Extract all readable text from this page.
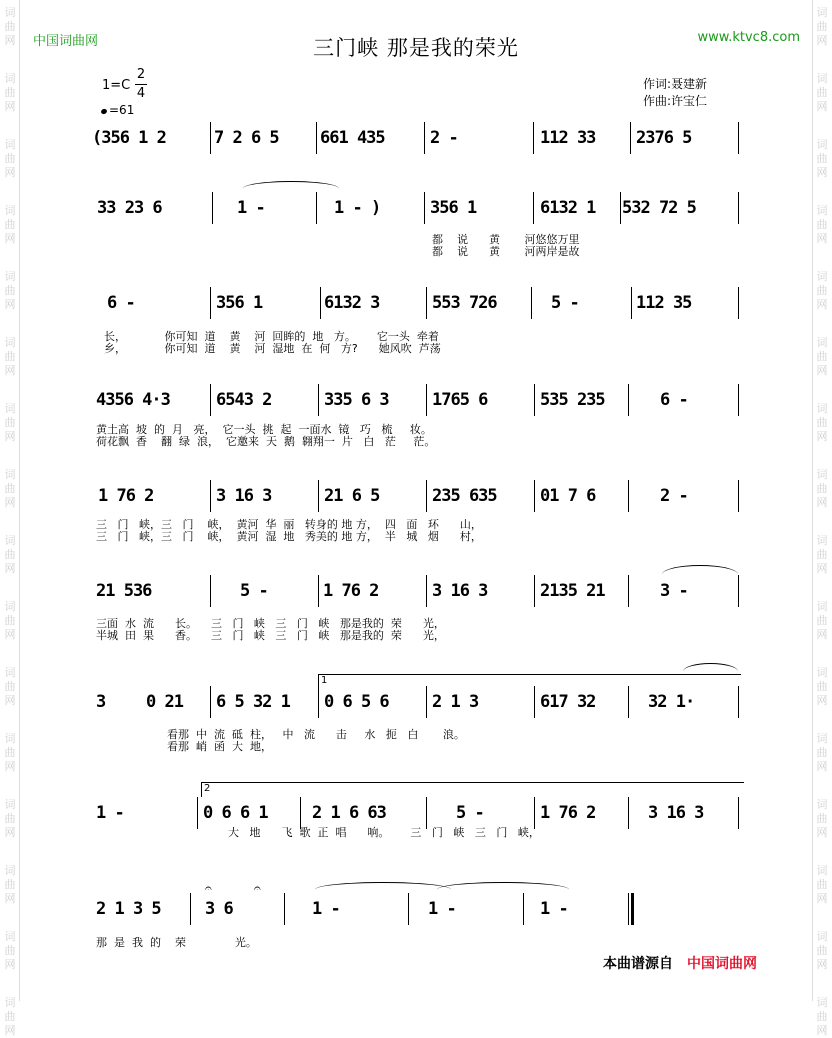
词曲网
词曲网
词曲网
词曲网
词曲网
词曲网
词曲网
词曲网
词曲网
词曲网
词曲网
词曲网
词曲网
词曲网
词曲网
词曲网
词曲网
词曲网
词曲网
词曲网
词曲网
词曲网
词曲网
词曲网
词曲网
词曲网
词曲网
词曲网
词曲网
词曲网
词曲网
词曲网
中国词曲网	www.ktvc8.com
三门峡 那是我的荣光
1=C
2
4
=61
作词:聂建新
作曲:许宝仁
(356 1 2	7 2 6 5 661 435	2 -	112 33 2376 5
33 23 6	1 -	1 - )	356 1	6132 1 532 72 5
都    说      黄       河悠悠万里
都    说      黄       河两岸是故
6 -	356 1	6132 3	553 726	5 -	112 35
长，           你可知  道    黄    河  回眸的  地   方。      它一头  牵着
乡，           你可知  道    黄    河  湿地  在  何   方?      她风吹  芦荡
4356 4·3	6543 2	335 6 3	1765 6	535 235	6 -
黄土高  坡  的  月   亮，  它一头  挑  起  一面水  镜   巧   梳     妆。
荷花飘  香    翻  绿  浪，  它邀来  天  鹅  翱翔一  片   白   茫     茫。
1 76 2	3 16 3	21 6 5	235 635	01 7 6	2 -
三   门   峡，三   门    峡，  黄河  华  丽   转身的 地 方，  四   面   环      山，
三   门   峡，三   门    峡，  黄河  湿  地   秀美的 地 方，  半   城   烟      村，
21 536	5 -	1 76 2	3 16 3	2135 21	3 -
三面  水  流      长。    三   门   峡   三   门   峡   那是我的  荣      光，
半城  田  果      香。    三   门   峡   三   门   峡   那是我的  荣      光，
3 0 21 6 5 32 1 0 6 5 6	2 1 3	617 32	32 1·
看那  中  流  砥  柱，   中   流      击     水   扼   白       浪。
看那  峭  函  大  地，
1 -	0 6 6 1	2 1 6 63	5 -	1 76 2	3 16 3
大   地      飞  歌  正  唱      响。      三   门   峡   三   门   峡，
2 1 3 5	3 6	1 -	1 -	1 -
那  是  我  的    荣              光。
1
2
𝄐	𝄐
本曲谱源自 中国词曲网
